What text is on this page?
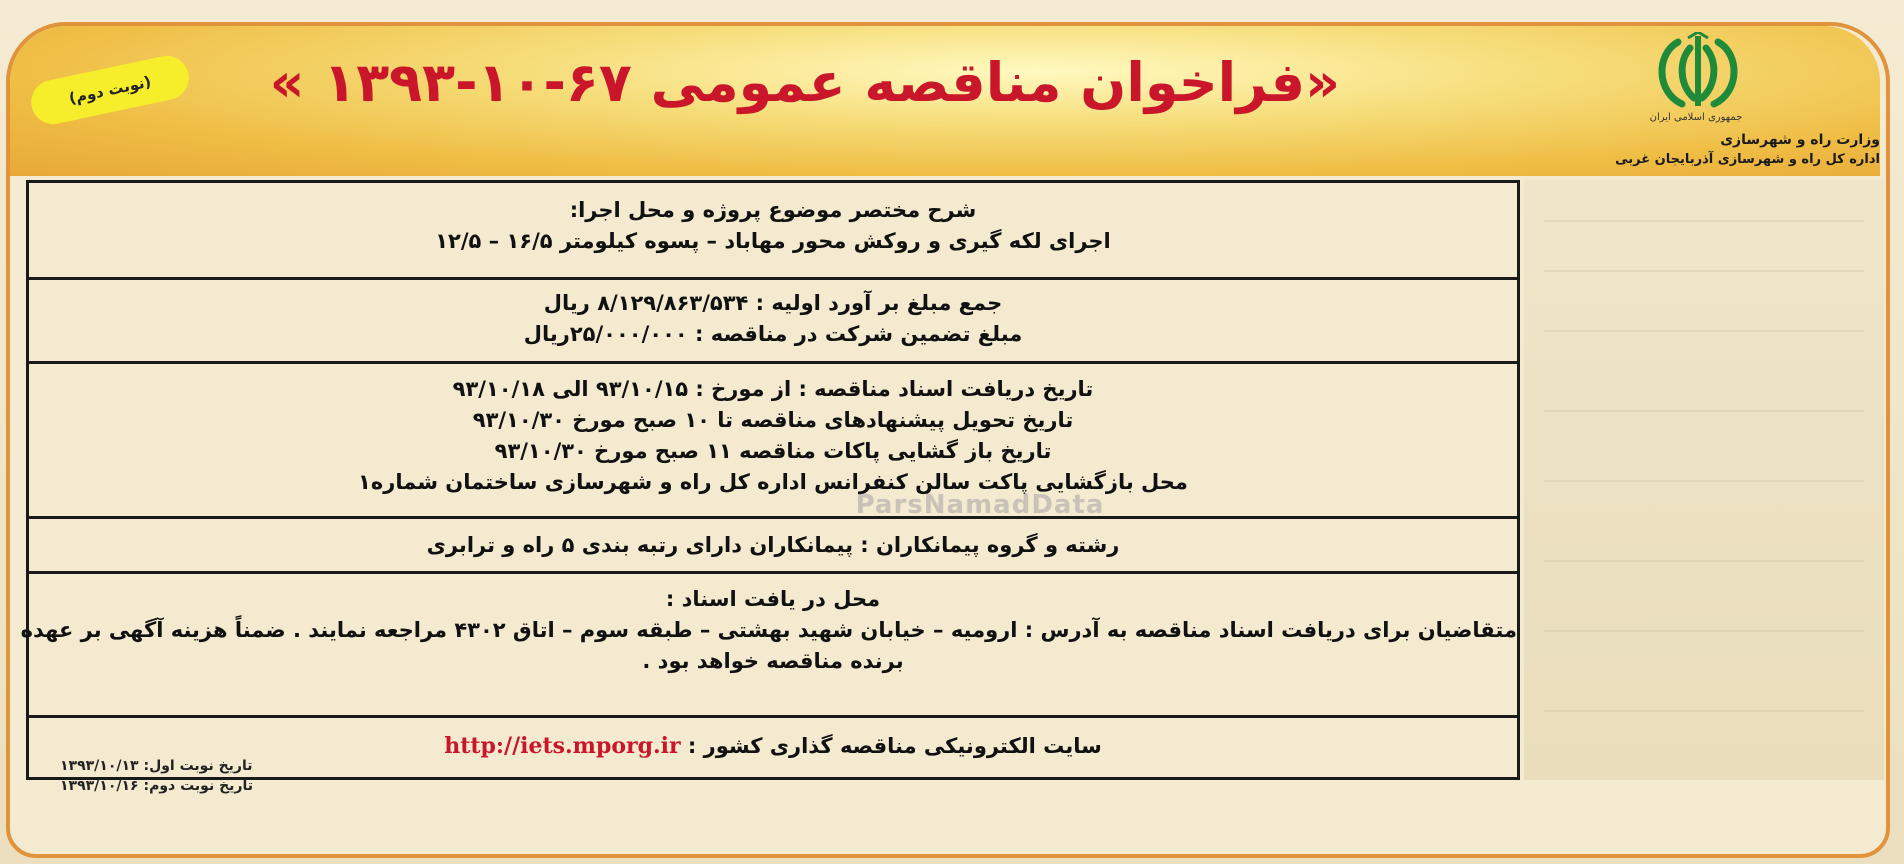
«فراخوان مناقصه عمومی ۶۷-۱۰-۱۳۹۳ »
(نوبت دوم)
جمهوری اسلامی ایران
وزارت راه و شهرسازی
اداره کل راه و شهرسازی آذربایجان غربی

شرح مختصر موضوع پروژه و محل اجرا:

اجرای لکه گیری و روکش محور مهاباد – پسوه کیلومتر ۱۶/۵ – ۱۲/۵

جمع مبلغ بر آورد اولیه : ۸/۱۲۹/۸۶۳/۵۳۴ ریال

مبلغ تضمین شرکت در مناقصه : ۲۵/۰۰۰/۰۰۰ریال

تاریخ دریافت اسناد مناقصه : از مورخ : ۹۳/۱۰/۱۵ الی ۹۳/۱۰/۱۸

تاریخ تحویل پیشنهادهای مناقصه تا ۱۰ صبح مورخ ۹۳/۱۰/۳۰

تاریخ باز گشایی پاکات مناقصه ۱۱ صبح مورخ ۹۳/۱۰/۳۰

محل بازگشایی پاکت سالن کنفرانس اداره کل راه و شهرسازی ساختمان شماره۱

رشته و گروه پیمانکاران : پیمانکاران دارای رتبه بندی ۵ راه و ترابری

محل در یافت اسناد :

متقاضیان برای دریافت اسناد مناقصه به آدرس : ارومیه – خیابان شهید بهشتی – طبقه سوم – اتاق ۴۳۰۲ مراجعه نمایند . ضمناً هزینه آگهی بر عهده

برنده مناقصه خواهد بود .

سایت الکترونیکی مناقصه گذاری کشور : http://iets.mporg.ir

ParsNamadData
تاریخ نوبت اول: ۱۳۹۳/۱۰/۱۳
تاریخ نوبت دوم: ۱۳۹۳/۱۰/۱۶
